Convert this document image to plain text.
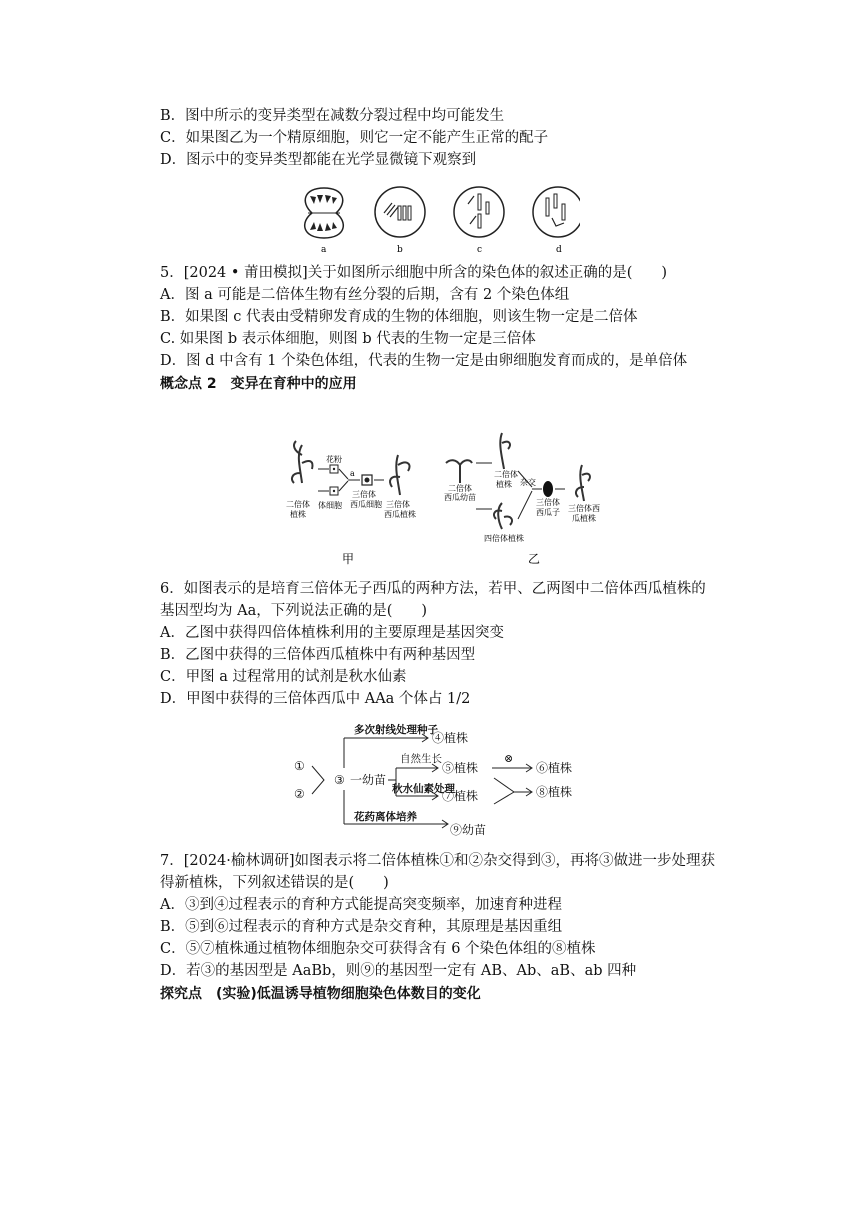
B．图中所示的变异类型在减数分裂过程中均可能发生
C．如果图乙为一个精原细胞，则它一定不能产生正常的配子
D．图示中的变异类型都能在光学显微镜下观察到
a	b	c	d
5．[2024 • 莆田模拟]关于如图所示细胞中所含的染色体的叙述正确的是(　　)
A．图 a 可能是二倍体生物有丝分裂的后期，含有 2 个染色体组
B．如果图 c 代表由受精卵发育成的生物的体细胞，则该生物一定是二倍体
C. 如果图 b 表示体细胞，则图 b 代表的生物一定是三倍体
D．图 d 中含有 1 个染色体组，代表的生物一定是由卵细胞发育而成的，是单倍体
概念点 2　变异在育种中的应用
二倍体
植株
花粉
体细胞
a
三倍体
西瓜细胞 三倍体
西瓜植株
甲
二倍体
西瓜幼苗
二倍体
植株
四倍体植株
杂交
三倍体
西瓜子 三倍体西
瓜植株
乙
6．如图表示的是培育三倍体无子西瓜的两种方法，若甲、乙两图中二倍体西瓜植株的
基因型均为 Aa，下列说法正确的是(　　)
A．乙图中获得四倍体植株利用的主要原理是基因突变
B．乙图中获得的三倍体西瓜植株中有两种基因型
C．甲图 a 过程常用的试剂是秋水仙素
D．甲图中获得的三倍体西瓜中 AAa 个体占 1/2
①
②
③ 一幼苗
多次射线处理种子
④植株
自然生长
秋水仙素处理
⑤植株
⑦植株
⊗
⑥植株
⑧植株
花药离体培养
⑨幼苗
7．[2024·榆林调研]如图表示将二倍体植株①和②杂交得到③，再将③做进一步处理获
得新植株，下列叙述错误的是(　　)
A．③到④过程表示的育种方式能提高突变频率，加速育种进程
B．⑤到⑥过程表示的育种方式是杂交育种，其原理是基因重组
C．⑤⑦植株通过植物体细胞杂交可获得含有 6 个染色体组的⑧植株
D．若③的基因型是 AaBb，则⑨的基因型一定有 AB、Ab、aB、ab 四种
探究点　(实验)低温诱导植物细胞染色体数目的变化
